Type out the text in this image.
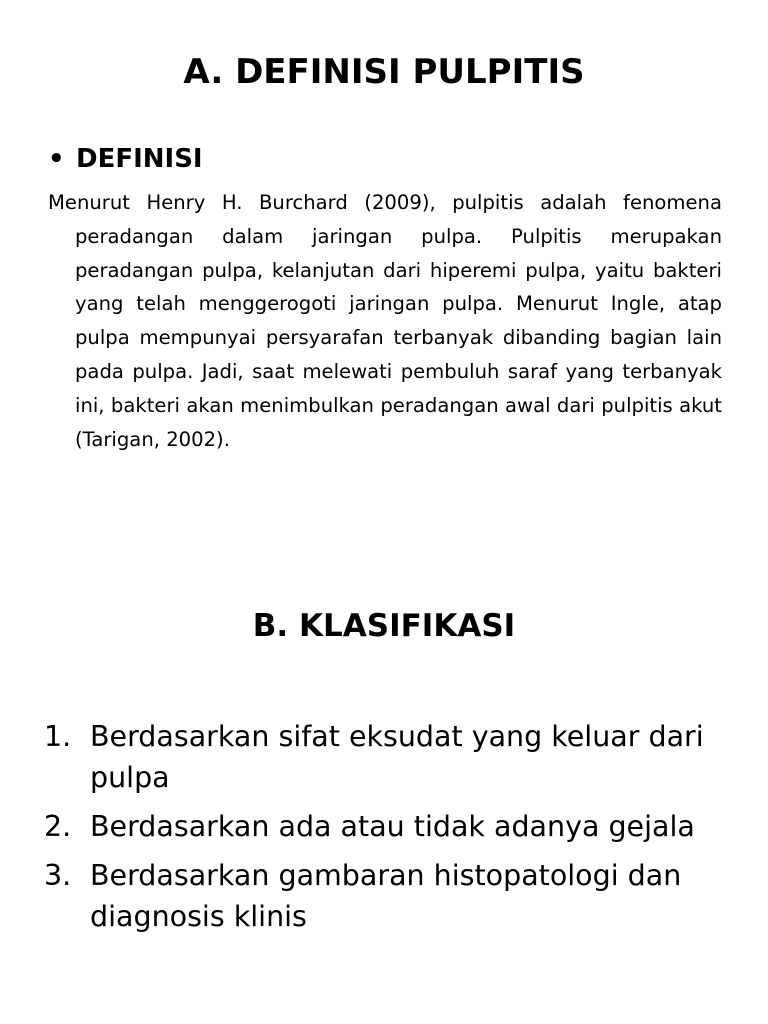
A. DEFINISI PULPITIS
• DEFINISI

Menurut Henry H. Burchard (2009), pulpitis adalah fenomena peradangan dalam jaringan pulpa. Pulpitis merupakan peradangan pulpa, kelanjutan dari hiperemi pulpa, yaitu bakteri yang telah menggerogoti jaringan pulpa. Menurut Ingle, atap pulpa mempunyai persyarafan terbanyak dibanding bagian lain pada pulpa. Jadi, saat melewati pembuluh saraf yang terbanyak ini, bakteri akan menimbulkan peradangan awal dari pulpitis akut (Tarigan, 2002).

B. KLASIFIKASI
1. Berdasarkan sifat eksudat yang keluar dari pulpa
2. Berdasarkan ada atau tidak adanya gejala
3. Berdasarkan gambaran histopatologi dan diagnosis klinis
